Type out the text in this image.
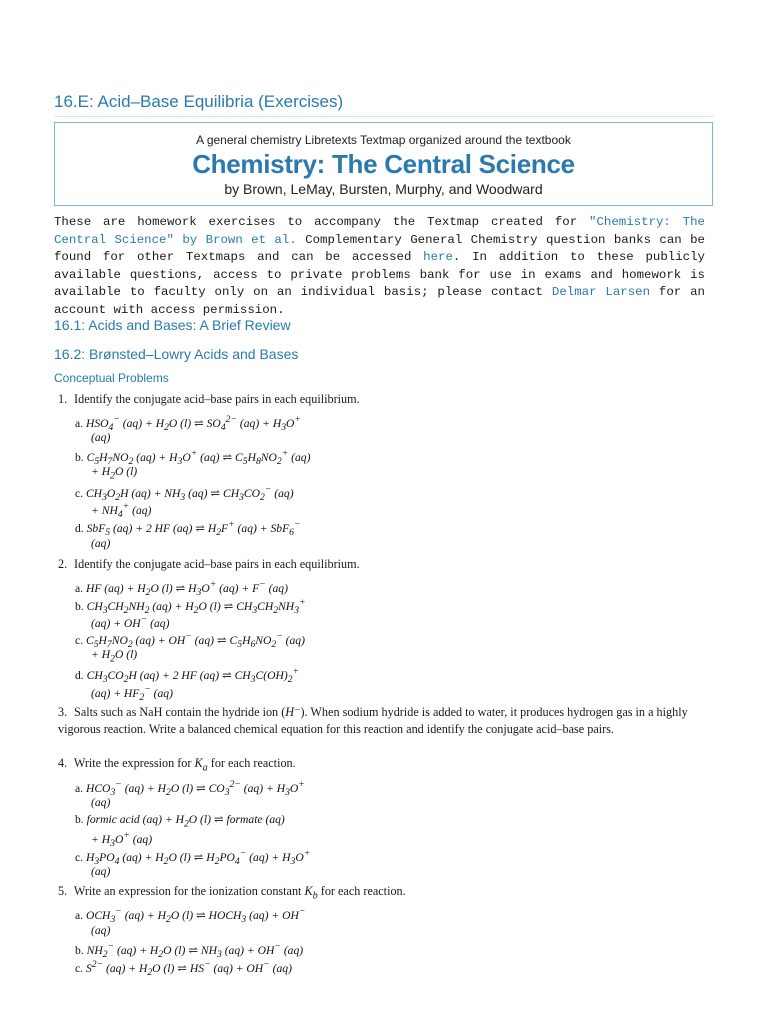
16.E: Acid–Base Equilibria (Exercises)
A general chemistry Libretexts Textmap organized around the textbook
Chemistry: The Central Science
by Brown, LeMay, Bursten, Murphy, and Woodward
These are homework exercises to accompany the Textmap created for "Chemistry: The Central Science" by Brown et al. Complementary General Chemistry question banks can be found for other Textmaps and can be accessed here. In addition to these publicly available questions, access to private problems bank for use in exams and homework is available to faculty only on an individual basis; please contact Delmar Larsen for an account with access permission.
16.1: Acids and Bases: A Brief Review
16.2: Brønsted–Lowry Acids and Bases
Conceptual Problems
1. Identify the conjugate acid–base pairs in each equilibrium.
a. $HSO_4^-$ $(aq) + H_2O$ (l) ⇌ $SO_4^{2-}$ $(aq) + H_3O^+$
(aq)
b. $C_5H_7NO_2$ $(aq) + H_3O^+$ (aq) ⇌ $C_5H_8NO_2^+$ (aq)
+ $H_2O$ (l)
c. $CH_3O_2H$ $(aq) + NH_3$ (aq) ⇌ $CH_3CO_2^-$ (aq)
+ $NH_4^+$ (aq)
d. SbF$_5$ (aq) + 2 HF (aq) ⇌ $H_2F^+$ (aq) + SbF$_6$−
(aq)
2. Identify the conjugate acid–base pairs in each equilibrium.
a. HF $(aq) + H_2O$ (l) ⇌ $H_3O^+$ (aq) + F− (aq)
b. $CH_3CH_2NH_2$ $(aq) + H_2O$ (l) ⇌ $CH_3CH_2NH_3^+$
(aq) + OH− (aq)
c. $C_5H_7NO_2$ (aq) + OH− (aq) ⇌ $C_5H_6NO_2^-$ (aq)
+ $H_2O$ (l)
d. $CH_3CO_2H$ (aq) + 2 HF (aq) ⇌ $CH_3C(OH)_2^+$
$(aq) + HF_2^-$ (aq)
3. Salts such as NaH contain the hydride ion (H⁻). When sodium hydride is added to water, it produces hydrogen gas in a highly vigorous reaction. Write a balanced chemical equation for this reaction and identify the conjugate acid–base pairs.
4. Write the expression for $K_a$ for each reaction.
a. $HCO_3^-$ $(aq) + H_2O$ (l) ⇌ $CO_3^{2-}$ $(aq) + H_3O^+$
(aq)
b. formic acid $(aq) + H_2O$ (l) ⇌ formate (aq)
+ $H_3O^+$ (aq)
c. $H_3PO_4$ $(aq) + H_2O$ (l) ⇌ $H_2PO_4^-$ $(aq) + H_3O^+$
(aq)
5. Write an expression for the ionization constant $K_b$ for each reaction.
a. $OCH_3^-$ $(aq) + H_2O$ (l) ⇌ $HOCH_3$ (aq) + OH−
(aq)
b. $NH_2^-$ $(aq) + H_2O$ (l) ⇌ $NH_3$ (aq) + OH− (aq)
c. $S^{2-}$ $(aq) + H_2O$ (l) ⇌ HS− (aq) + OH− (aq)
